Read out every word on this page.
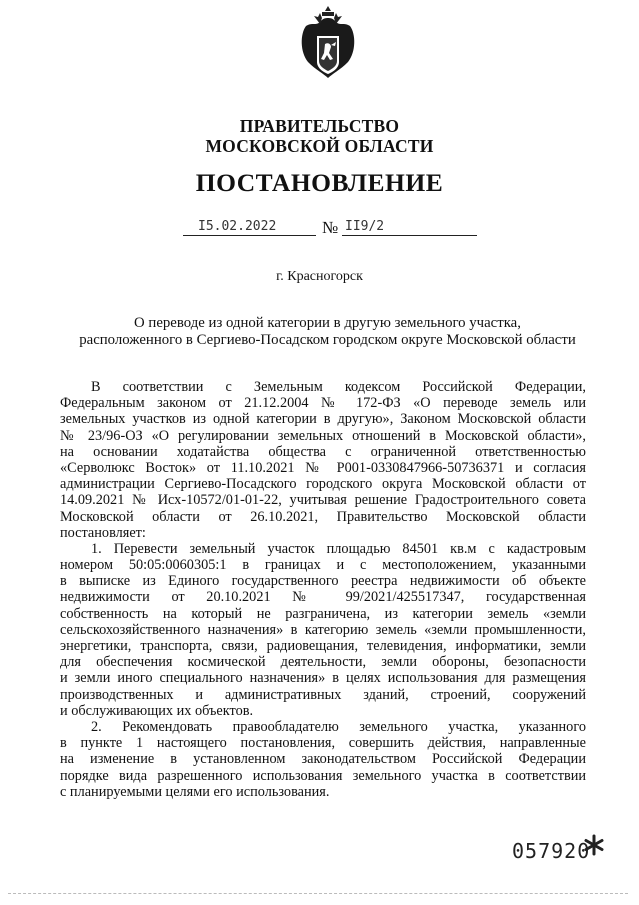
ПРАВИТЕЛЬСТВО
МОСКОВСКОЙ ОБЛАСТИ
ПОСТАНОВЛЕНИЕ
I5.02.2022	№ II9/2
г. Красногорск
О переводе из одной категории в другую земельного участка,
расположенного в Сергиево-Посадском городском округе Московской области
В соответствии с Земельным кодексом Российской Федерации,
Федеральным законом от 21.12.2004 № 172-ФЗ «О переводе земель или
земельных участков из одной категории в другую», Законом Московской области
№ 23/96-ОЗ «О регулировании земельных отношений в Московской области»,
на основании ходатайства общества с ограниченной ответственностью
«Серволюкс Восток» от 11.10.2021 № Р001-0330847966-50736371 и согласия
администрации Сергиево-Посадского городского округа Московской области от
14.09.2021 № Исх-10572/01-01-22, учитывая решение Градостроительного совета
Московской области от 26.10.2021, Правительство Московской области
постановляет:
1. Перевести земельный участок площадью 84501 кв.м с кадастровым
номером 50:05:0060305:1 в границах и с местоположением, указанными
в выписке из Единого государственного реестра недвижимости об объекте
недвижимости от 20.10.2021 № 99/2021/425517347, государственная
собственность на который не разграничена, из категории земель «земли
сельскохозяйственного назначения» в категорию земель «земли промышленности,
энергетики, транспорта, связи, радиовещания, телевидения, информатики, земли
для обеспечения космической деятельности, земли обороны, безопасности
и земли иного специального назначения» в целях использования для размещения
производственных и административных зданий, строений, сооружений
и обслуживающих их объектов.
2. Рекомендовать правообладателю земельного участка, указанного
в пункте 1 настоящего постановления, совершить действия, направленные
на изменение в установленном законодательством Российской Федерации
порядке вида разрешенного использования земельного участка в соответствии
с планируемыми целями его использования.
057920
